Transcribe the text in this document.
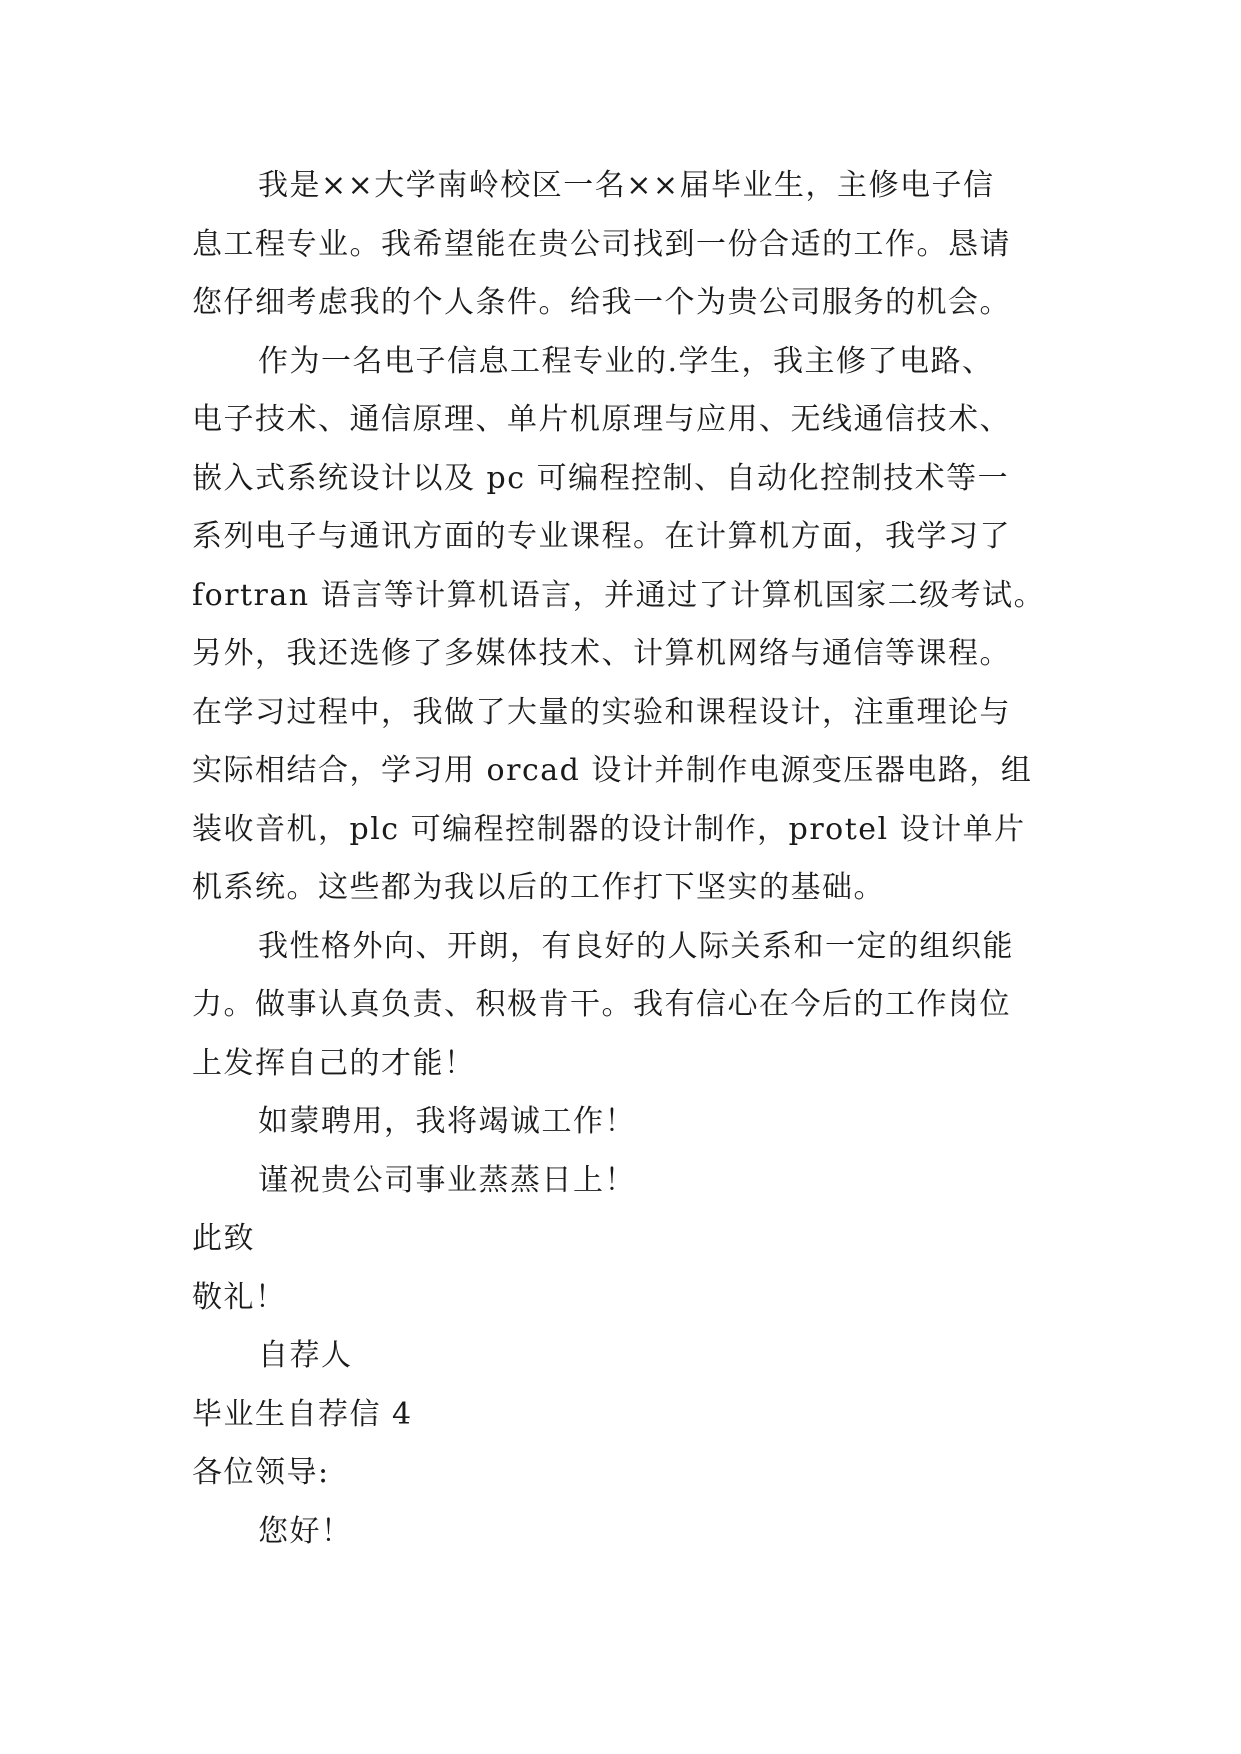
我是××大学南岭校区一名××届毕业生，主修电子信

息工程专业。我希望能在贵公司找到一份合适的工作。恳请

您仔细考虑我的个人条件。给我一个为贵公司服务的机会。

作为一名电子信息工程专业的.学生，我主修了电路、

电子技术、通信原理、单片机原理与应用、无线通信技术、

嵌入式系统设计以及 pc 可编程控制、自动化控制技术等一

系列电子与通讯方面的专业课程。在计算机方面，我学习了

fortran 语言等计算机语言，并通过了计算机国家二级考试。

另外，我还选修了多媒体技术、计算机网络与通信等课程。

在学习过程中，我做了大量的实验和课程设计，注重理论与

实际相结合，学习用 orcad 设计并制作电源变压器电路，组

装收音机，plc 可编程控制器的设计制作，protel 设计单片

机系统。这些都为我以后的工作打下坚实的基础。

我性格外向、开朗，有良好的人际关系和一定的组织能

力。做事认真负责、积极肯干。我有信心在今后的工作岗位

上发挥自己的才能！

如蒙聘用，我将竭诚工作！

谨祝贵公司事业蒸蒸日上！

此致

敬礼！

自荐人

毕业生自荐信 4

各位领导:

您好！
